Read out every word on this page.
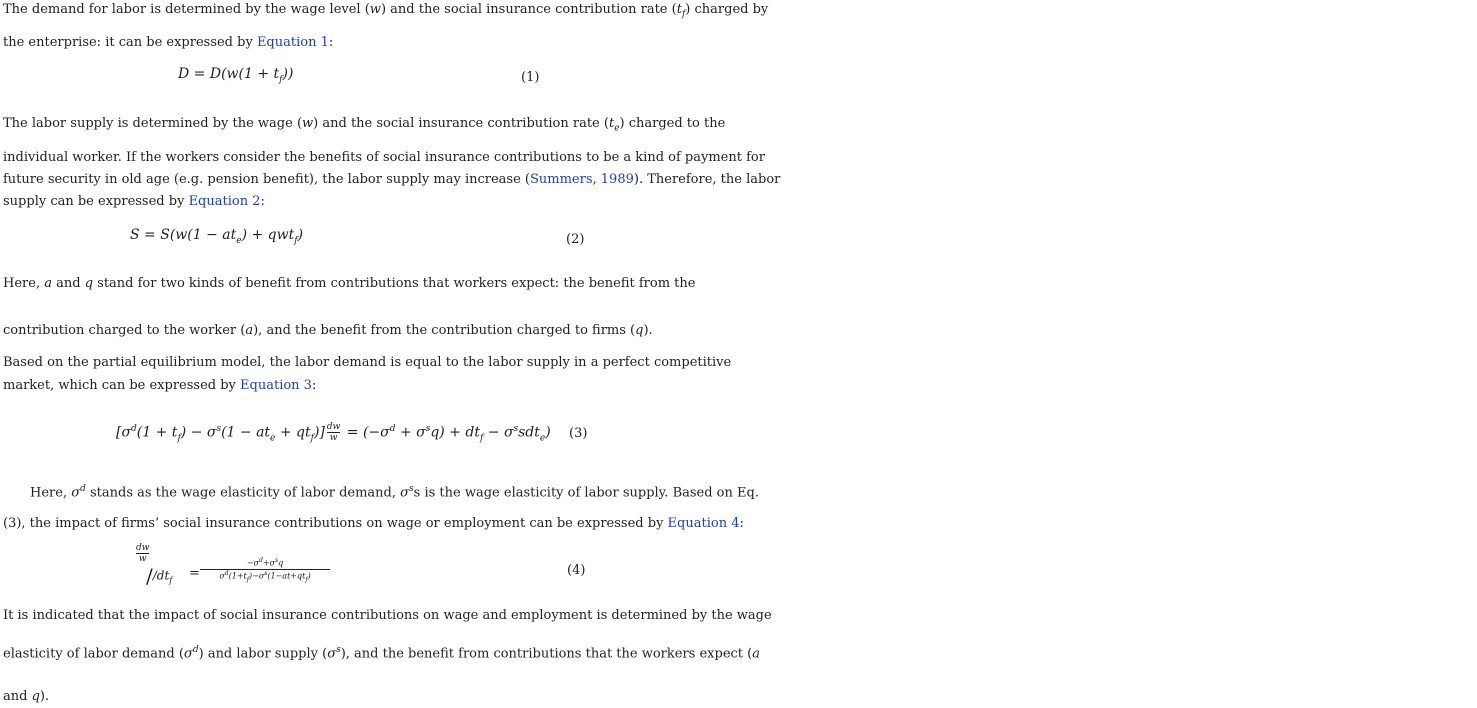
The demand for labor is determined by the wage level (w) and the social insurance contribution rate $(t_f)$ charged by
the enterprise: it can be expressed by Equation 1:
$D = D(w(1 + t_f))$	(1)
The labor supply is determined by the wage (w) and the social insurance contribution rate $(t_e)$ charged to the
individual worker. If the workers consider the benefits of social insurance contributions to be a kind of payment for
future security in old age (e.g. pension benefit), the labor supply may increase (Summers, 1989). Therefore, the labor
supply can be expressed by Equation 2:
$S = S(w(1 - at_e) + qwt_f)$	(2)
Here, a and q stand for two kinds of benefit from contributions that workers expect: the benefit from the
contribution charged to the worker (a), and the benefit from the contribution charged to firms (q).
Based on the partial equilibrium model, the labor demand is equal to the labor supply in a perfect competitive
market, which can be expressed by Equation 3:
$[\sigma^d(1 + t_f) - \sigma^s(1 - at_e + qt_f)] \frac{dw}{w} = (-\sigma^d + \sigma^sq) + dt_f - \sigma^ssdt_e$) (3)
Here, $\sigma^d$ stands as the wage elasticity of labor demand, $\sigma^ss$ is the wage elasticity of labor supply. Based on Eq.
(3), the impact of firms’ social insurance contributions on wage or employment can be expressed by Equation 4:
dw
w
$//dt_f$ =
$-\sigma^d+\sigma^sq$
$\sigma^d(1+t_f)-\sigma^s(1-at+qt_f)$	(4)
It is indicated that the impact of social insurance contributions on wage and employment is determined by the wage
elasticity of labor demand $(\sigma^d)$ and labor supply $(\sigma^s)$, and the benefit from contributions that the workers expect (a
and q).
